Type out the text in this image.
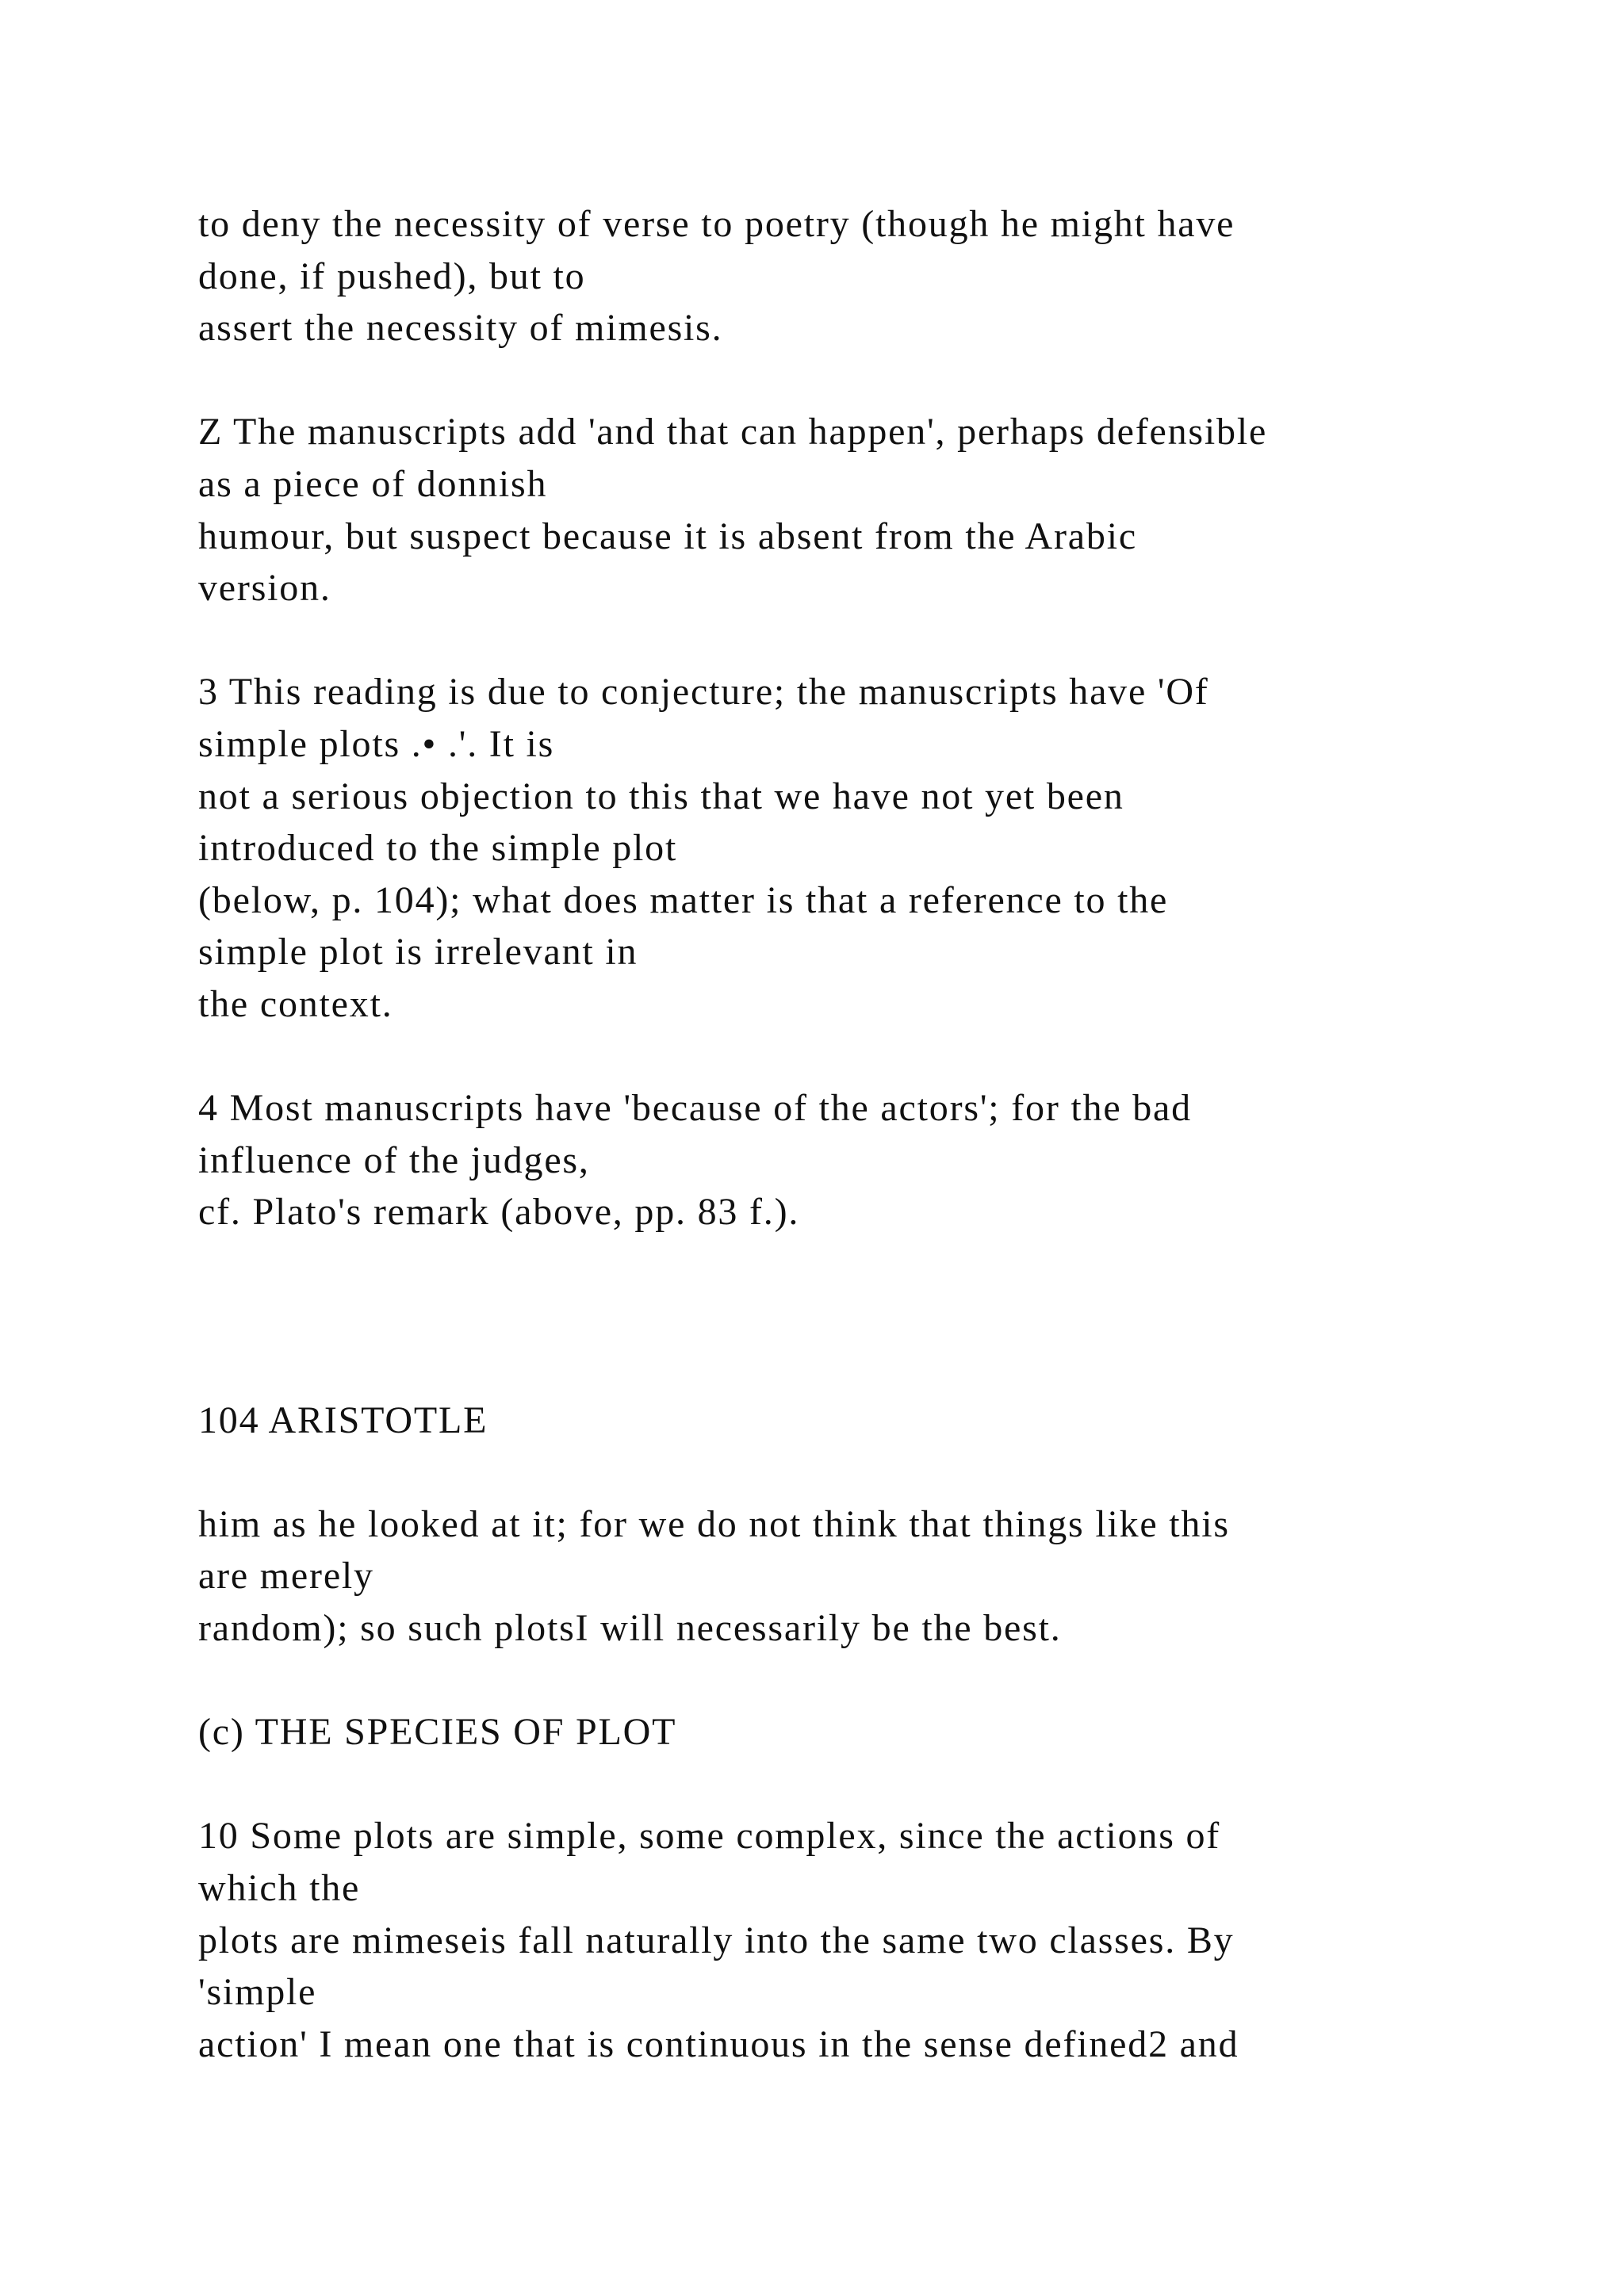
to deny the necessity of verse to poetry (though he might have
done, if pushed), but to
assert the necessity of mimesis.
Z The manuscripts add 'and that can happen', perhaps defensible
as a piece of donnish
humour, but suspect because it is absent from the Arabic
version.
3 This reading is due to conjecture; the manuscripts have 'Of
simple plots .• .'. It is
not a serious objection to this that we have not yet been
introduced to the simple plot
(below, p. 104); what does matter is that a reference to the
simple plot is irrelevant in
the context.
4 Most manuscripts have 'because of the actors'; for the bad
influence of the judges,
cf. Plato's remark (above, pp. 83 f.).
104 ARISTOTLE
him as he looked at it; for we do not think that things like this
are merely
random); so such plotsI will necessarily be the best.
(c) THE SPECIES OF PLOT
10 Some plots are simple, some complex, since the actions of
which the
plots are mimeseis fall naturally into the same two classes. By
'simple
action' I mean one that is continuous in the sense defined2 and
